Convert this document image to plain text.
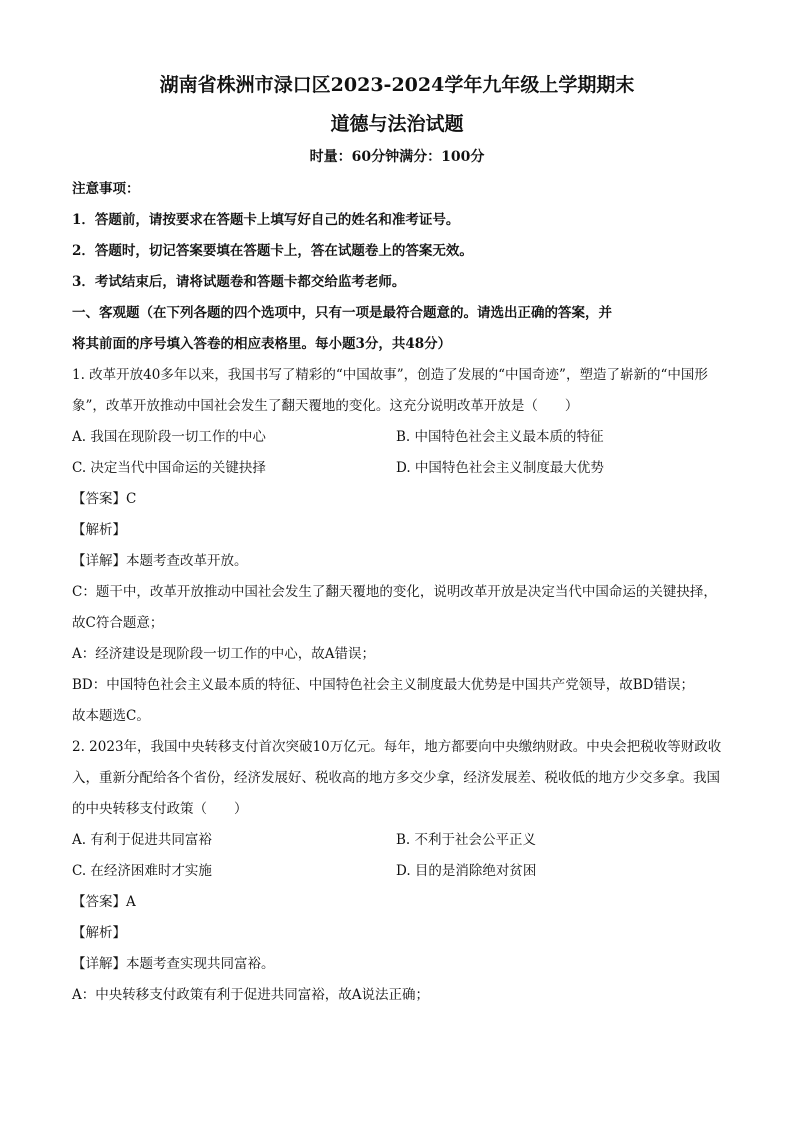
湖南省株洲市渌口区2023-2024学年九年级上学期期末
道德与法治试题

时量：60分钟满分：100分

注意事项：

1．答题前，请按要求在答题卡上填写好自己的姓名和准考证号。

2．答题时，切记答案要填在答题卡上，答在试题卷上的答案无效。

3．考试结束后，请将试题卷和答题卡都交给监考老师。

一、客观题（在下列各题的四个选项中，只有一项是最符合题意的。请选出正确的答案，并

将其前面的序号填入答卷的相应表格里。每小题3分，共48分）

1. 改革开放40多年以来，我国书写了精彩的“中国故事”，创造了发展的“中国奇迹”，塑造了崭新的“中国形象”，改革开放推动中国社会发生了翻天覆地的变化。这充分说明改革开放是（　　）

A. 我国在现阶段一切工作的中心	B. 中国特色社会主义最本质的特征
C. 决定当代中国命运的关键抉择	D. 中国特色社会主义制度最大优势

【答案】C

【解析】

【详解】本题考查改革开放。

C：题干中，改革开放推动中国社会发生了翻天覆地的变化，说明改革开放是决定当代中国命运的关键抉择，故C符合题意；

A：经济建设是现阶段一切工作的中心，故A错误；

BD：中国特色社会主义最本质的特征、中国特色社会主义制度最大优势是中国共产党领导，故BD错误；

故本题选C。

2. 2023年，我国中央转移支付首次突破10万亿元。每年，地方都要向中央缴纳财政。中央会把税收等财政收入，重新分配给各个省份，经济发展好、税收高的地方多交少拿，经济发展差、税收低的地方少交多拿。我国的中央转移支付政策（　　）

A. 有利于促进共同富裕	B. 不利于社会公平正义
C. 在经济困难时才实施	D. 目的是消除绝对贫困

【答案】A

【解析】

【详解】本题考查实现共同富裕。

A：中央转移支付政策有利于促进共同富裕，故A说法正确；
